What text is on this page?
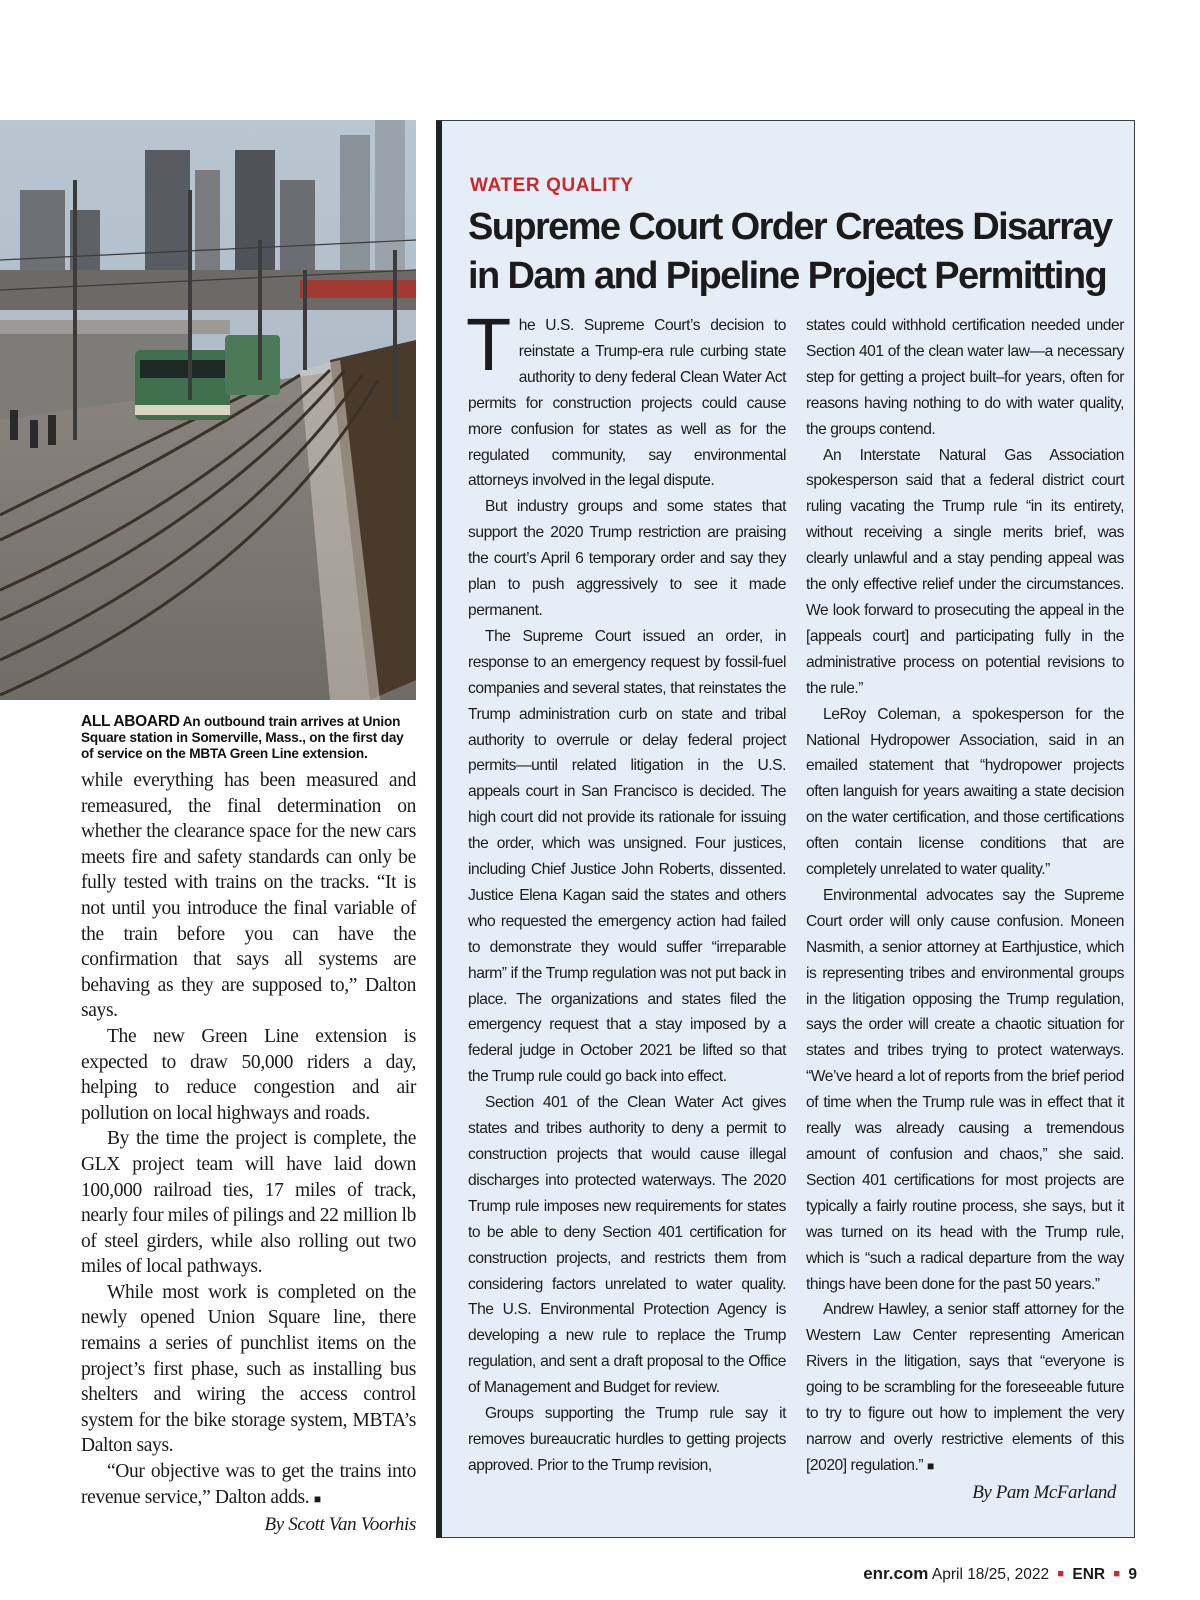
ALL ABOARD An outbound train arrives at Union Square station in Somerville, Mass., on the first day of service on the MBTA Green Line extension.

while everything has been measured and remeasured, the final determination on whether the clearance space for the new cars meets fire and safety standards can only be fully tested with trains on the tracks. “It is not until you introduce the final variable of the train before you can have the confirmation that says all systems are behaving as they are supposed to,” Dalton says.

The new Green Line extension is expected to draw 50,000 riders a day, helping to reduce congestion and air pollution on local highways and roads.

By the time the project is complete, the GLX project team will have laid down 100,000 railroad ties, 17 miles of track, nearly four miles of pilings and 22 million lb of steel girders, while also rolling out two miles of local pathways.

While most work is completed on the newly opened Union Square line, there remains a series of punchlist items on the project’s first phase, such as installing bus shelters and wiring the access control system for the bike storage system, MBTA’s Dalton says.

“Our objective was to get the trains into revenue service,” Dalton adds. ■

By Scott Van Voorhis
WATER QUALITY
Supreme Court Order Creates Disarray in Dam and Pipeline Project Permitting

The U.S. Supreme Court’s decision to reinstate a Trump-era rule curbing state authority to deny federal Clean Water Act permits for construction projects could cause more confusion for states as well as for the regulated community, say environmental attorneys involved in the legal dispute.

But industry groups and some states that support the 2020 Trump restriction are praising the court’s April 6 temporary order and say they plan to push aggressively to see it made permanent.

The Supreme Court issued an order, in response to an emergency request by fossil-fuel companies and several states, that reinstates the Trump administration curb on state and tribal authority to overrule or delay federal project permits—until related litigation in the U.S. appeals court in San Francisco is decided. The high court did not provide its rationale for issuing the order, which was unsigned. Four justices, including Chief Justice John Roberts, dissented. Justice Elena Kagan said the states and others who requested the emergency action had failed to demonstrate they would suffer “irreparable harm” if the Trump regulation was not put back in place. The organizations and states filed the emergency request that a stay imposed by a federal judge in October 2021 be lifted so that the Trump rule could go back into effect.

Section 401 of the Clean Water Act gives states and tribes authority to deny a permit to construction projects that would cause illegal discharges into protected waterways. The 2020 Trump rule imposes new requirements for states to be able to deny Section 401 certification for construction projects, and restricts them from considering factors unrelated to water quality. The U.S. Environmental Protection Agency is developing a new rule to replace the Trump regulation, and sent a draft proposal to the Office of Management and Budget for review.

Groups supporting the Trump rule say it removes bureaucratic hurdles to getting projects approved. Prior to the Trump revision,

states could withhold certification needed under Section 401 of the clean water law—a necessary step for getting a project built–for years, often for reasons having nothing to do with water quality, the groups contend.

An Interstate Natural Gas Association spokesperson said that a federal district court ruling vacating the Trump rule “in its entirety, without receiving a single merits brief, was clearly unlawful and a stay pending appeal was the only effective relief under the circumstances. We look forward to prosecuting the appeal in the [appeals court] and participating fully in the administrative process on potential revisions to the rule.”

LeRoy Coleman, a spokesperson for the National Hydropower Association, said in an emailed statement that “hydropower projects often languish for years awaiting a state decision on the water certification, and those certifications often contain license conditions that are completely unrelated to water quality.”

Environmental advocates say the Supreme Court order will only cause confusion. Moneen Nasmith, a senior attorney at Earthjustice, which is representing tribes and environmental groups in the litigation opposing the Trump regulation, says the order will create a chaotic situation for states and tribes trying to protect waterways. “We’ve heard a lot of reports from the brief period of time when the Trump rule was in effect that it really was already causing a tremendous amount of confusion and chaos,” she said. Section 401 certifications for most projects are typically a fairly routine process, she says, but it was turned on its head with the Trump rule, which is “such a radical departure from the way things have been done for the past 50 years.”

Andrew Hawley, a senior staff attorney for the Western Law Center representing American Rivers in the litigation, says that “everyone is going to be scrambling for the foreseeable future to try to figure out how to implement the very narrow and overly restrictive elements of this [2020] regulation.” ■

By Pam McFarland
enr.com April 18/25, 2022 ■ ENR ■ 9
